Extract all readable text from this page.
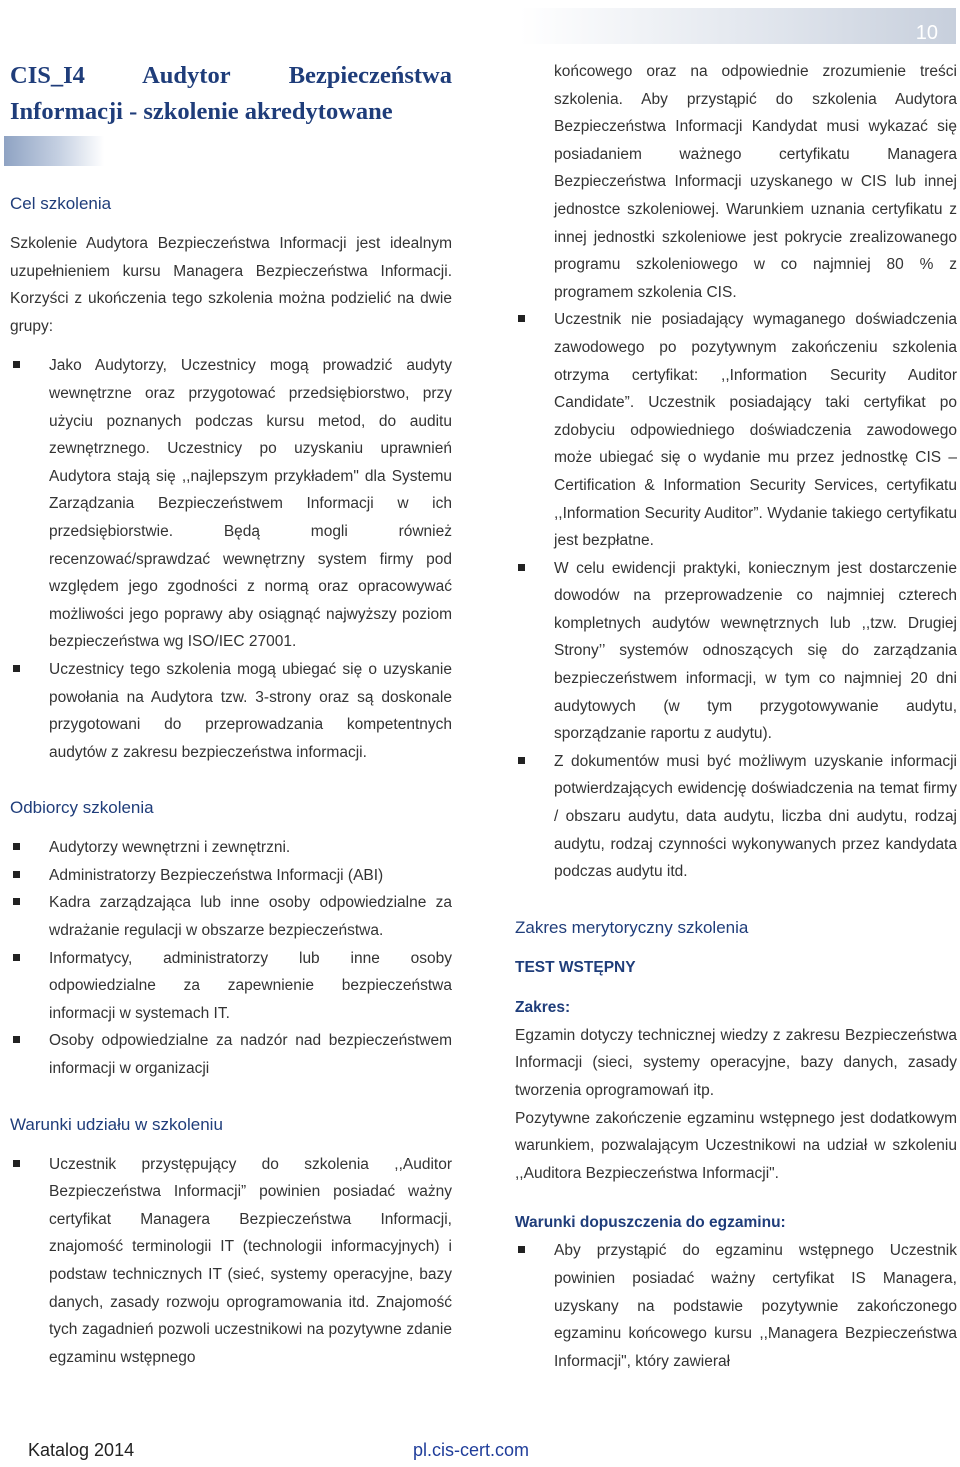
10
CIS_I4 Audytor Bezpieczeństwa Informacji - szkolenie akredytowane
Cel szkolenia

Szkolenie Audytora Bezpieczeństwa Informacji jest idealnym uzupełnieniem kursu Managera Bezpieczeństwa Informacji. Korzyści z ukończenia tego szkolenia można podzielić na dwie grupy:

Jako Audytorzy, Uczestnicy mogą prowadzić audyty wewnętrzne oraz przygotować przedsiębiorstwo, przy użyciu poznanych podczas kursu metod, do auditu zewnętrznego. Uczestnicy po uzyskaniu uprawnień Audytora stają się ,,najlepszym przykładem" dla Systemu Zarządzania Bezpieczeństwem Informacji w ich przedsiębiorstwie. Będą mogli również recenzować/sprawdzać wewnętrzny system firmy pod względem jego zgodności z normą oraz opracowywać możliwości jego poprawy aby osiągnąć najwyższy poziom bezpieczeństwa wg ISO/IEC 27001.
Uczestnicy tego szkolenia mogą ubiegać się o uzyskanie powołania na Audytora tzw. 3-strony oraz są doskonale przygotowani do przeprowadzania kompetentnych audytów z zakresu bezpieczeństwa informacji.
Odbiorcy szkolenia
Audytorzy wewnętrzni i zewnętrzni.
Administratorzy Bezpieczeństwa Informacji (ABI)
Kadra zarządzająca lub inne osoby odpowiedzialne za wdrażanie regulacji w obszarze bezpieczeństwa.
Informatycy, administratorzy lub inne osoby odpowiedzialne za zapewnienie bezpieczeństwa informacji w systemach IT.
Osoby odpowiedzialne za nadzór nad bezpieczeństwem informacji w organizacji
Warunki udziału w szkoleniu
Uczestnik przystępujący do szkolenia ,,Auditor Bezpieczeństwa Informacji” powinien posiadać ważny certyfikat Managera Bezpieczeństwa Informacji, znajomość terminologii IT (technologii informacyjnych) i podstaw technicznych IT (sieć, systemy operacyjne, bazy danych, zasady rozwoju oprogramowania itd. Znajomość tych zagadnień pozwoli uczestnikowi na pozytywne zdanie egzaminu wstępnego
końcowego oraz na odpowiednie zrozumienie treści szkolenia. Aby przystąpić do szkolenia Audytora Bezpieczeństwa Informacji Kandydat musi wykazać się posiadaniem ważnego certyfikatu Managera Bezpieczeństwa Informacji uzyskanego w CIS lub innej jednostce szkoleniowej. Warunkiem uznania certyfikatu z innej jednostki szkoleniowe jest pokrycie zrealizowanego programu szkoleniowego w co najmniej 80 % z programem szkolenia CIS.
Uczestnik nie posiadający wymaganego doświadczenia zawodowego po pozytywnym zakończeniu szkolenia otrzyma certyfikat: ,,Information Security Auditor Candidate”. Uczestnik posiadający taki certyfikat po zdobyciu odpowiedniego doświadczenia zawodowego może ubiegać się o wydanie mu przez jednostkę CIS – Certification & Information Security Services, certyfikatu ,,Information Security Auditor”. Wydanie takiego certyfikatu jest bezpłatne.
W celu ewidencji praktyki, koniecznym jest dostarczenie dowodów na przeprowadzenie co najmniej czterech kompletnych audytów wewnętrznych lub ,,tzw. Drugiej Strony’’ systemów odnoszących się do zarządzania bezpieczeństwem informacji, w tym co najmniej 20 dni audytowych (w tym przygotowywanie audytu, sporządzanie raportu z audytu).
Z dokumentów musi być możliwym uzyskanie informacji potwierdzających ewidencję doświadczenia na temat firmy / obszaru audytu, data audytu, liczba dni audytu, rodzaj audytu, rodzaj czynności wykonywanych przez kandydata podczas audytu itd.
Zakres merytoryczny szkolenia
TEST WSTĘPNY
Zakres:

Egzamin dotyczy technicznej wiedzy z zakresu Bezpieczeństwa Informacji (sieci, systemy operacyjne, bazy danych, zasady tworzenia oprogramowań itp.

Pozytywne zakończenie egzaminu wstępnego jest dodatkowym warunkiem, pozwalającym Uczestnikowi na udział w szkoleniu ,,Auditora Bezpieczeństwa Informacji".

Warunki dopuszczenia do egzaminu:
Aby przystąpić do egzaminu wstępnego Uczestnik powinien posiadać ważny certyfikat IS Managera, uzyskany na podstawie pozytywnie zakończonego egzaminu końcowego kursu ,,Managera Bezpieczeństwa Informacji", który zawierał
Katalog 2014	pl.cis-cert.com
